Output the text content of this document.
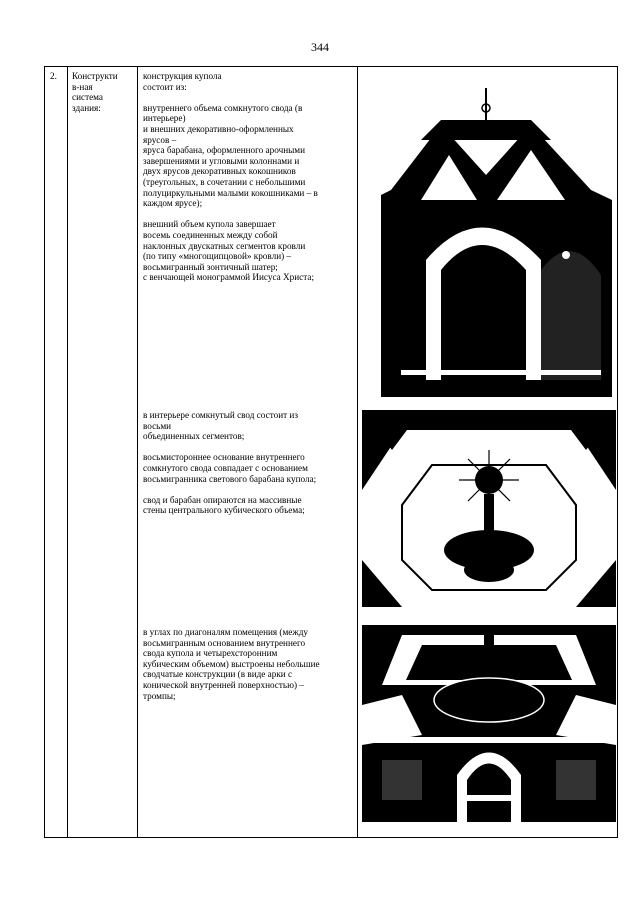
344
2. Конструкти
в-ная
система
здания:

конструкция купола
состоит из:

внутреннего объема сомкнутого свода (в
интерьере)
и внешних декоративно-оформленных
ярусов –
яруса барабана, оформленного арочными
завершениями и угловыми колоннами и
двух ярусов декоративных кокошников
(треугольных, в сочетании с небольшими
полуциркульными малыми кокошниками – в
каждом ярусе);

внешний объем купола завершает
восемь соединенных между собой
наклонных двускатных сегментов кровли
(по типу «многощипцовой» кровли) –
восьмигранный зонтичный шатер;
с венчающей монограммой Иисуса Христа;

в интерьере сомкнутый свод состоит из
восьми
объединенных сегментов;

восьмистороннее основание внутреннего
сомкнутого свода совпадает с основанием
восьмигранника светового барабана купола;

свод и барабан опираются на массивные
стены центрального кубического объема;

в углах по диагоналям помещения (между
восьмигранным основанием внутреннего
свода купола и четырехсторонним
кубическим объемом) выстроены небольшие
сводчатые конструкции (в виде арки с
конической внутренней поверхностью) –
тромпы;
